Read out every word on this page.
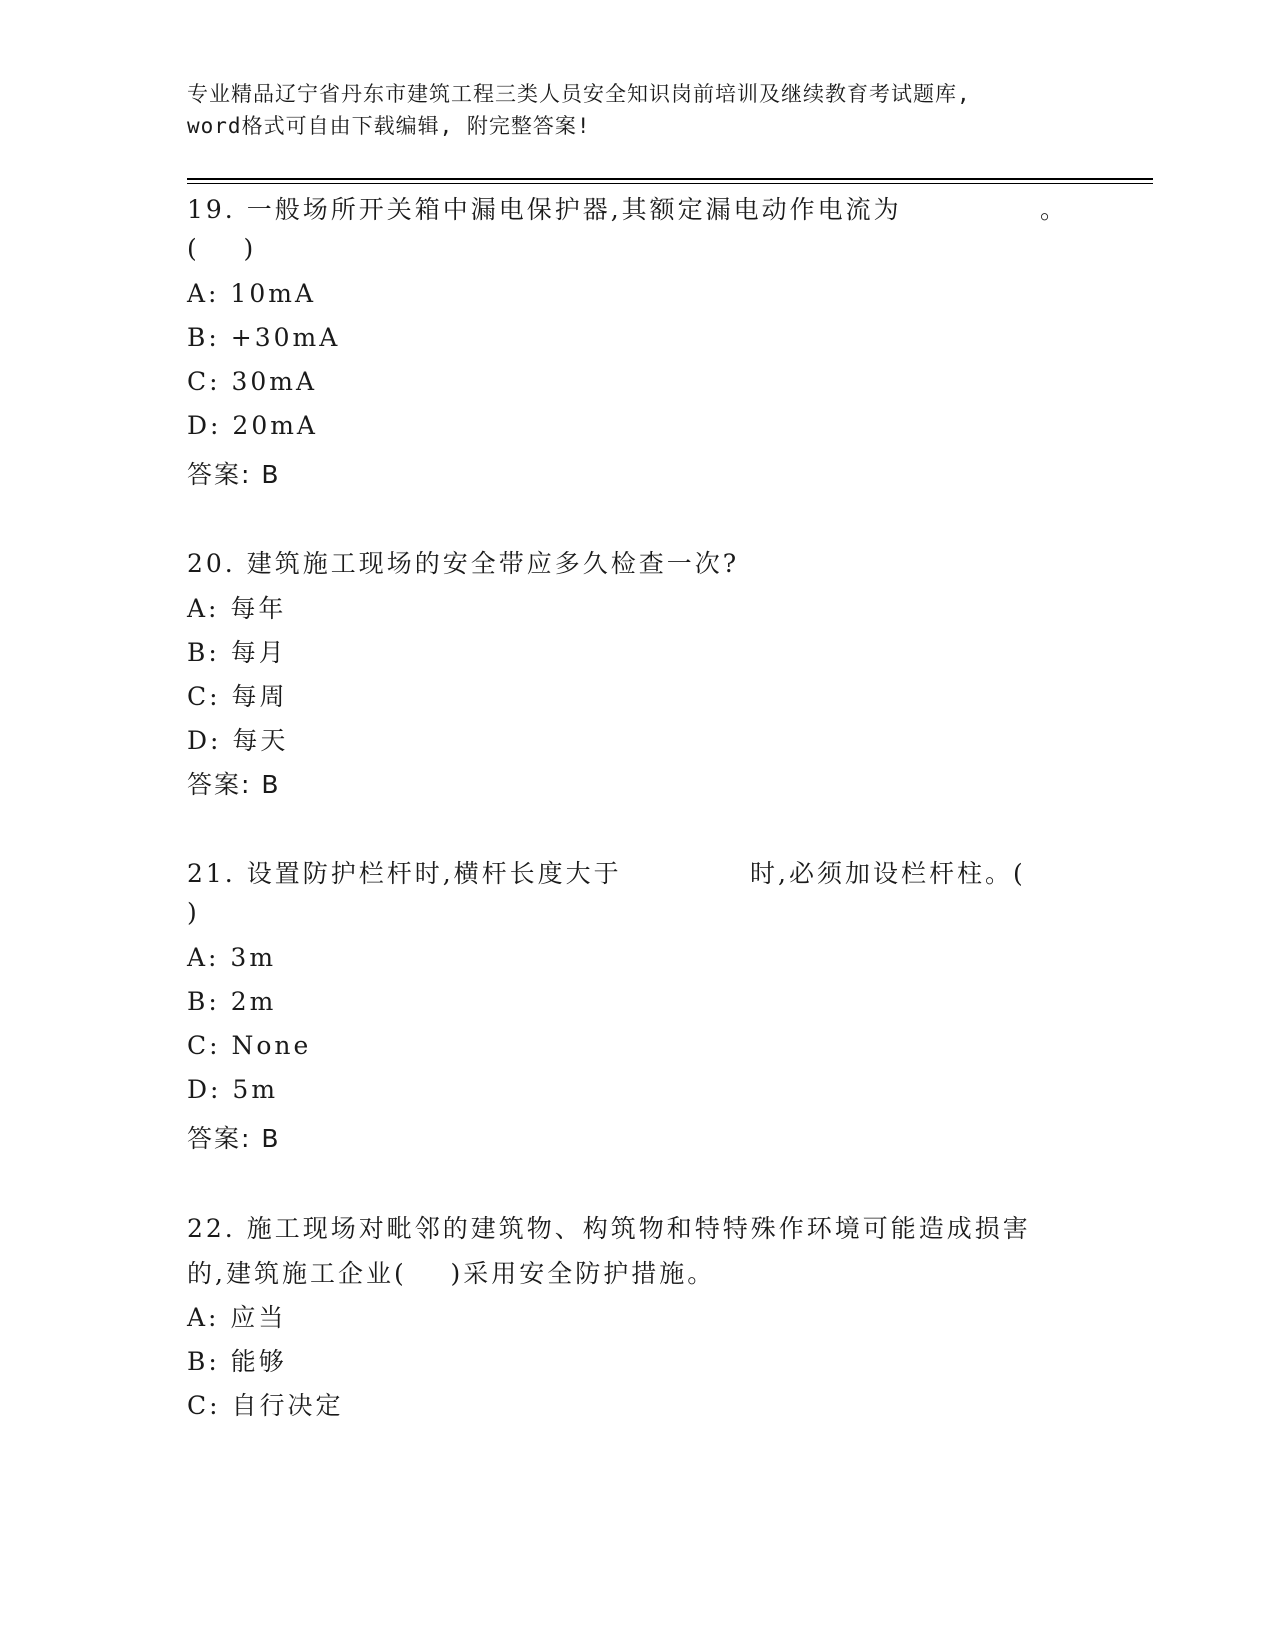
专业精品辽宁省丹东市建筑工程三类人员安全知识岗前培训及继续教育考试题库,
word格式可自由下载编辑, 附完整答案!
19. 一般场所开关箱中漏电保护器,其额定漏电动作电流为	。
(    )
A: 10mA
B: +30mA
C: 30mA
D: 20mA
答案: B
20. 建筑施工现场的安全带应多久检查一次?
A: 每年
B: 每月
C: 每周
D: 每天
答案: B
21. 设置防护栏杆时,横杆长度大于	时,必须加设栏杆柱。(
)
A: 3m
B: 2m
C: None
D: 5m
答案: B
22. 施工现场对毗邻的建筑物、构筑物和特特殊作环境可能造成损害
的,建筑施工企业(    )采用安全防护措施。
A: 应当
B: 能够
C: 自行决定
